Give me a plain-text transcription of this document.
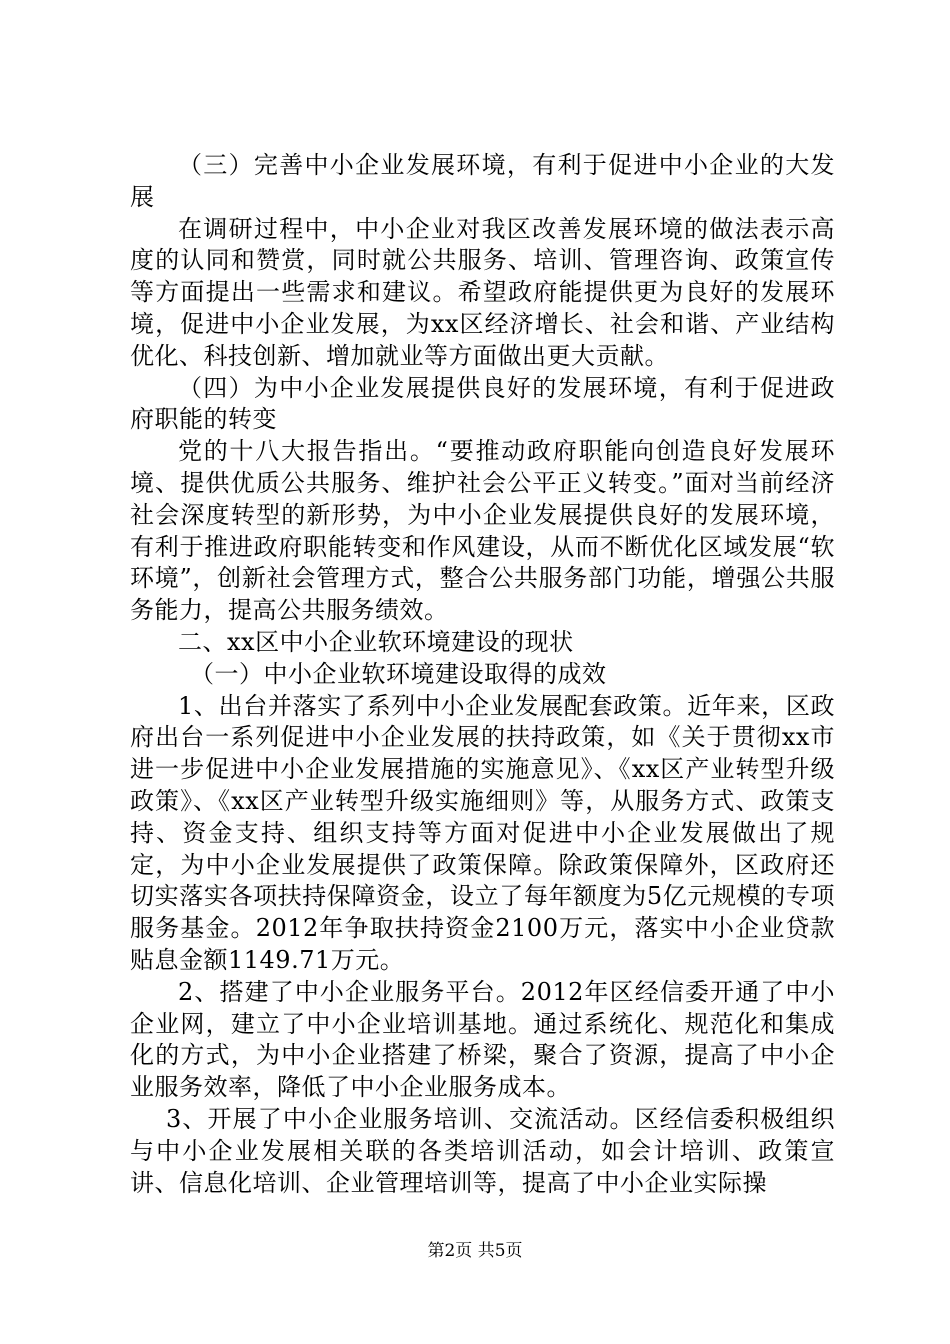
（三）完善中小企业发展环境，有利于促进中小企业的大发展

在调研过程中，中小企业对我区改善发展环境的做法表示高度的认同和赞赏，同时就公共服务、培训、管理咨询、政策宣传等方面提出一些需求和建议。希望政府能提供更为良好的发展环境，促进中小企业发展，为xx区经济增长、社会和谐、产业结构优化、科技创新、增加就业等方面做出更大贡献。

（四）为中小企业发展提供良好的发展环境，有利于促进政府职能的转变

党的十八大报告指出。“要推动政府职能向创造良好发展环境、提供优质公共服务、维护社会公平正义转变。”面对当前经济社会深度转型的新形势，为中小企业发展提供良好的发展环境，有利于推进政府职能转变和作风建设，从而不断优化区域发展“软环境”，创新社会管理方式，整合公共服务部门功能，增强公共服务能力，提高公共服务绩效。

二、xx区中小企业软环境建设的现状

（一）中小企业软环境建设取得的成效

1、出台并落实了系列中小企业发展配套政策。近年来，区政府出台一系列促进中小企业发展的扶持政策，如《关于贯彻xx市进一步促进中小企业发展措施的实施意见》、《xx区产业转型升级政策》、《xx区产业转型升级实施细则》等，从服务方式、政策支持、资金支持、组织支持等方面对促进中小企业发展做出了规定，为中小企业发展提供了政策保障。除政策保障外，区政府还切实落实各项扶持保障资金，设立了每年额度为5亿元规模的专项服务基金。2012年争取扶持资金2100万元，落实中小企业贷款贴息金额1149.71万元。

2、搭建了中小企业服务平台。2012年区经信委开通了中小企业网，建立了中小企业培训基地。通过系统化、规范化和集成化的方式，为中小企业搭建了桥梁，聚合了资源，提高了中小企业服务效率，降低了中小企业服务成本。

3、开展了中小企业服务培训、交流活动。区经信委积极组织与中小企业发展相关联的各类培训活动，如会计培训、政策宣讲、信息化培训、企业管理培训等，提高了中小企业实际操

第2页 共5页
